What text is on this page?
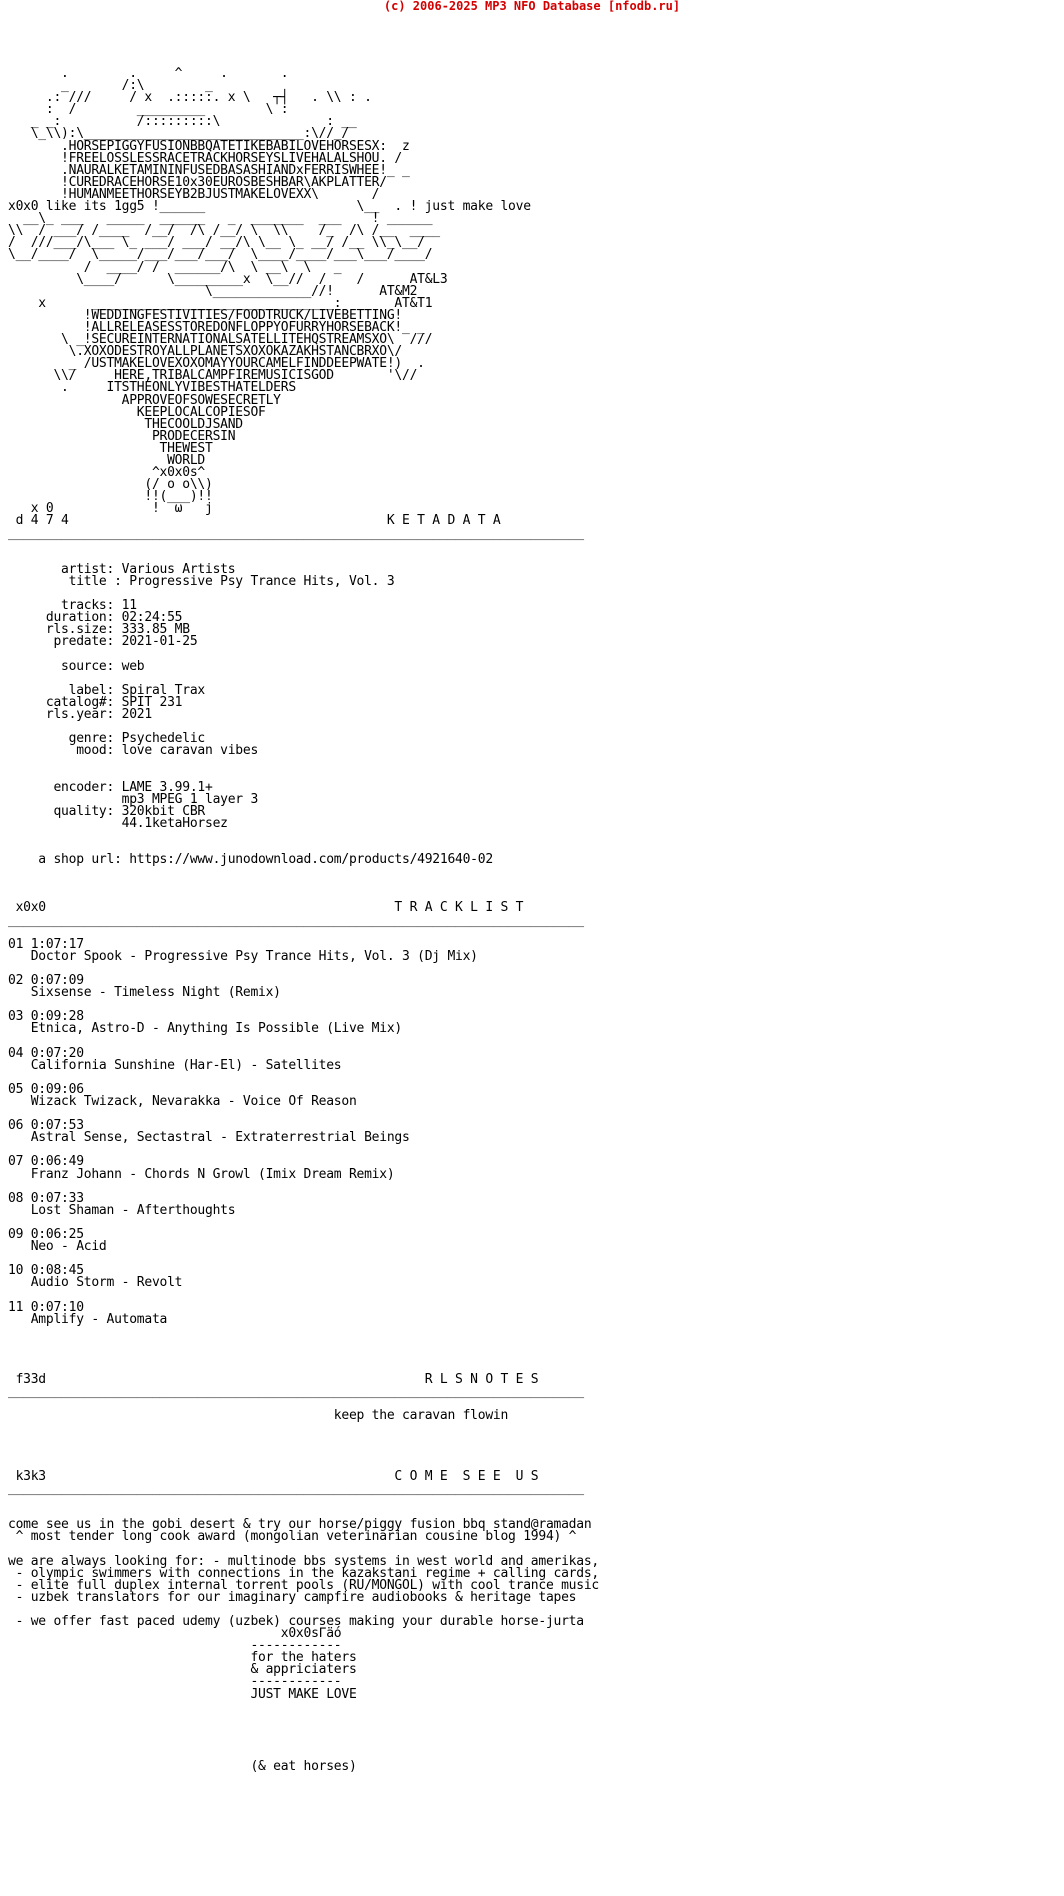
(c) 2006-2025 MP3 NFO Database [nfodb.ru]
.        .     ^     .       .
_       /:\        _
.: ///     / x  .:::::. x \   ┬┤   . \\ : .
:  /        _________        \ :
_ _:          /:::::::::\              : __
\_\\):\_____________________________:\//_/
.HORSEPIGGYFUSIONBBQATETIKEBABILOVEHORSESX:  z
!FREELOSSLESSRACETRACKHORSEYSLIVEHALALSHOU. /
.NAURALKETAMININFUSEDBASASHIANDxFERRISWHEE!_ _
!CUREDRACEHORSE10x30EUROSBESHBAR\AKPLATTER/
!HUMANMEETHORSEYB2BJUSTMAKELOVEXX\       /
x0x0 like its 1gg5 !______                    \__  . ! just make love
__\_ ___   _____  ______   _  _______  ___    ! ______
\\  / ___/ /____  /__/  /\ /__/ \  \\    /_  /\ /__  ____
/  ///___/\___ \_ ___/ ___/ __/\ \__ \_ __/ /__ \\_\__/
\__/____/  \_____/___/___/___/  \____/____/___\___/____/
/  ____/ /  ______/\  \ __\  \   _
\____/      \_________x  \__//  /    /      AT&L3
\_____________//!      AT&M2
x      ________________________________:       AT&T1
!WEDDINGFESTIVITIES/FOODTRUCK/LIVEBETTING!
!ALLRELEASESSTOREDONFLOPPYOFURRYHORSEBACK!_ _
\ _!SECUREINTERNATIONALSATELLITEHQSTREAMSXO\  ///
\.XOXODESTROYALLPLANETSXOXOKAZAKHSTANCBRXO\/
_ /USTMAKELOVEXOXOMAYYOURCAMELFINDDEEPWATE!)  .
\\/     HERE,TRIBALCAMPFIREMUSICISGOD       '\//
.     ITSTHEONLYVIBESTHATELDERS
APPROVEOFSOWESECRETLY
KEEPLOCALCOPIESOF
THECOOLDJSAND
PRODECERSIN
THEWEST
WORLD
^x0x0s^
(/ o o\\)
!!(___)!!
x 0             !  ω   j
d 4 7 4                                          K E T A D A T A
____________________________________________________________________________

artist: Various Artists
title : Progressive Psy Trance Hits, Vol. 3

tracks: 11
duration: 02:24:55
rls.size: 333.85 MB
predate: 2021-01-25

source: web

label: Spiral Trax
catalog#: SPIT 231
rls.year: 2021

genre: Psychedelic
mood: love caravan vibes

encoder: LAME 3.99.1+
mp3 MPEG 1 layer 3
quality: 320kbit CBR
44.1ketaHorsez

a shop url: https://www.junodownload.com/products/4921640-02

x0x0                                              T R A C K L I S T
____________________________________________________________________________

01 1:07:17
Doctor Spook - Progressive Psy Trance Hits, Vol. 3 (Dj Mix)

02 0:07:09
Sixsense - Timeless Night (Remix)

03 0:09:28
Etnica, Astro-D - Anything Is Possible (Live Mix)

04 0:07:20
California Sunshine (Har-El) - Satellites

05 0:09:06
Wizack Twizack, Nevarakka - Voice Of Reason

06 0:07:53
Astral Sense, Sectastral - Extraterrestrial Beings

07 0:06:49
Franz Johann - Chords N Growl (Imix Dream Remix)

08 0:07:33
Lost Shaman - Afterthoughts

09 0:06:25
Neo - Acid

10 0:08:45
Audio Storm - Revolt

11 0:07:10
Amplify - Automata

f33d                                                  R L S N O T E S
____________________________________________________________________________

keep the caravan flowin

k3k3                                              C O M E  S E E  U S
____________________________________________________________________________

come see us in the gobi desert & try our horse/piggy fusion bbq stand@ramadan
^ most tender long cook award (mongolian veterinarian cousine blog 1994) ^

we are always looking for: - multinode bbs systems in west world and amerikas,
- olympic swimmers with connections in the kazakstani regime + calling cards,
- elite full duplex internal torrent pools (RU/MONGOL) with cool trance music
- uzbek translators for our imaginary campfire audiobooks & heritage tapes

- we offer fast paced udemy (uzbek) courses making your durable horse-jurta
x0x0sΓäó
------------
for the haters
& appriciaters
------------
JUST MAKE LOVE

(& eat horses)
